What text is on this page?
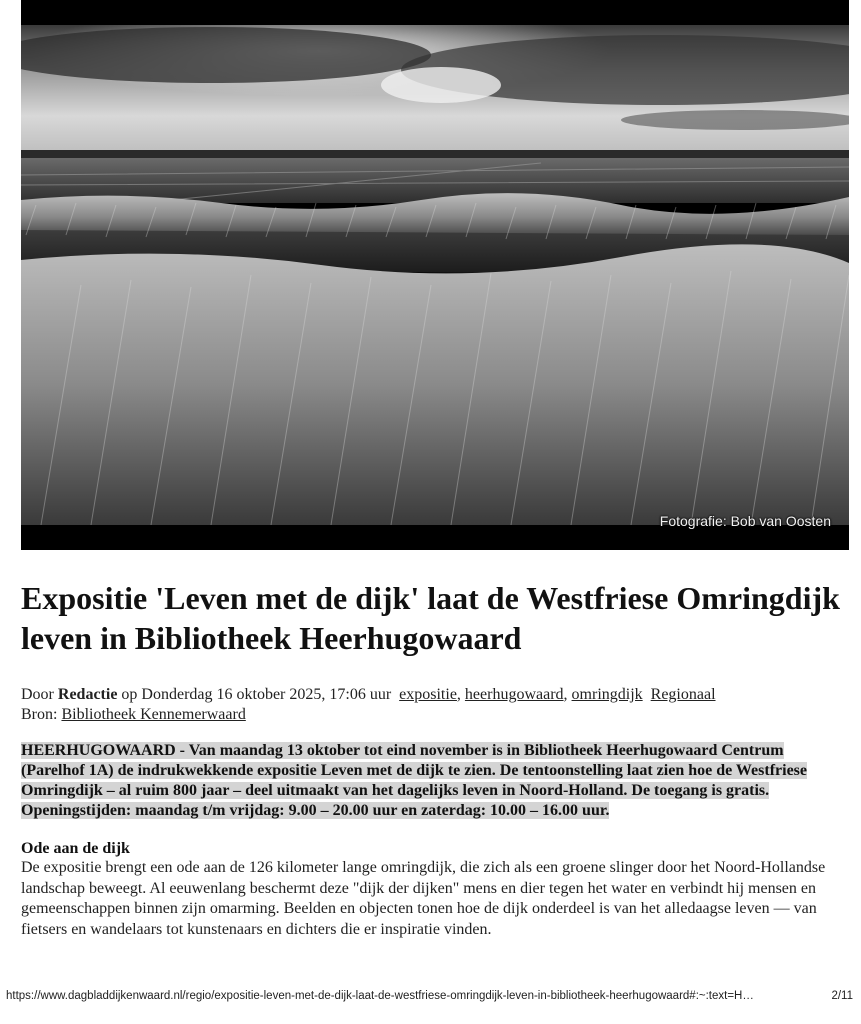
Fotografie: Bob van Oosten
Expositie 'Leven met de dijk' laat de Westfriese Omringdijk leven in Bibliotheek Heerhugowaard
Door Redactie op Donderdag 16 oktober 2025, 17:06 uur expositie, heerhugowaard, omringdijk Regionaal
Bron: Bibliotheek Kennemerwaard
HEERHUGOWAARD - Van maandag 13 oktober tot eind november is in Bibliotheek Heerhugowaard Centrum (Parelhof 1A) de indrukwekkende expositie Leven met de dijk te zien. De tentoonstelling laat zien hoe de Westfriese Omringdijk – al ruim 800 jaar – deel uitmaakt van het dagelijks leven in Noord-Holland. De toegang is gratis. Openingstijden: maandag t/m vrijdag: 9.00 – 20.00 uur en zaterdag: 10.00 – 16.00 uur.
Ode aan de dijk
De expositie brengt een ode aan de 126 kilometer lange omringdijk, die zich als een groene slinger door het Noord-Hollandse landschap beweegt. Al eeuwenlang beschermt deze "dijk der dijken" mens en dier tegen het water en verbindt hij mensen en gemeenschappen binnen zijn omarming. Beelden en objecten tonen hoe de dijk onderdeel is van het alledaagse leven — van fietsers en wandelaars tot kunstenaars en dichters die er inspiratie vinden.
https://www.dagbladdijkenwaard.nl/regio/expositie-leven-met-de-dijk-laat-de-westfriese-omringdijk-leven-in-bibliotheek-heerhugowaard#:~:text=H…	2/11
